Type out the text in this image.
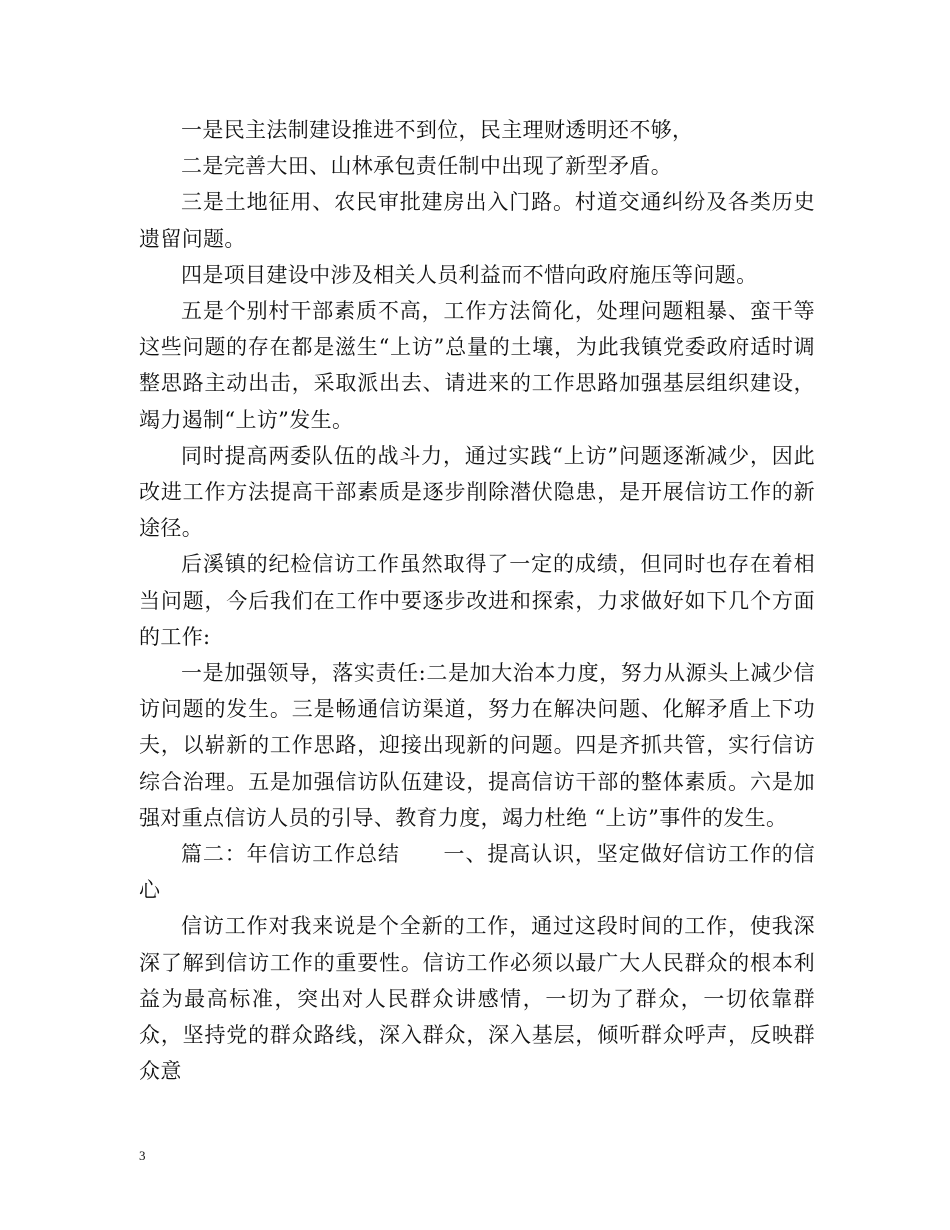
一是民主法制建设推进不到位，民主理财透明还不够，

二是完善大田、山林承包责任制中出现了新型矛盾。

三是土地征用、农民审批建房出入门路。村道交通纠纷及各类历史遗留问题。

四是项目建设中涉及相关人员利益而不惜向政府施压等问题。

五是个别村干部素质不高，工作方法简化，处理问题粗暴、蛮干等这些问题的存在都是滋生“上访”总量的土壤，为此我镇党委政府适时调整思路主动出击，采取派出去、请进来的工作思路加强基层组织建设，竭力遏制“上访”发生。

同时提高两委队伍的战斗力，通过实践“上访”问题逐渐减少，因此改进工作方法提高干部素质是逐步削除潜伏隐患，是开展信访工作的新途径。

后溪镇的纪检信访工作虽然取得了一定的成绩，但同时也存在着相当问题，今后我们在工作中要逐步改进和探索，力求做好如下几个方面的工作:

一是加强领导，落实责任:二是加大治本力度，努力从源头上减少信访问题的发生。三是畅通信访渠道，努力在解决问题、化解矛盾上下功夫，以崭新的工作思路，迎接出现新的问题。四是齐抓共管，实行信访综合治理。五是加强信访队伍建设，提高信访干部的整体素质。六是加强对重点信访人员的引导、教育力度，竭力杜绝 “上访”事件的发生。

篇二：年信访工作总结　　一、提高认识，坚定做好信访工作的信心

信访工作对我来说是个全新的工作，通过这段时间的工作，使我深深了解到信访工作的重要性。信访工作必须以最广大人民群众的根本利益为最高标准，突出对人民群众讲感情，一切为了群众，一切依靠群众，坚持党的群众路线，深入群众，深入基层，倾听群众呼声，反映群众意

3
